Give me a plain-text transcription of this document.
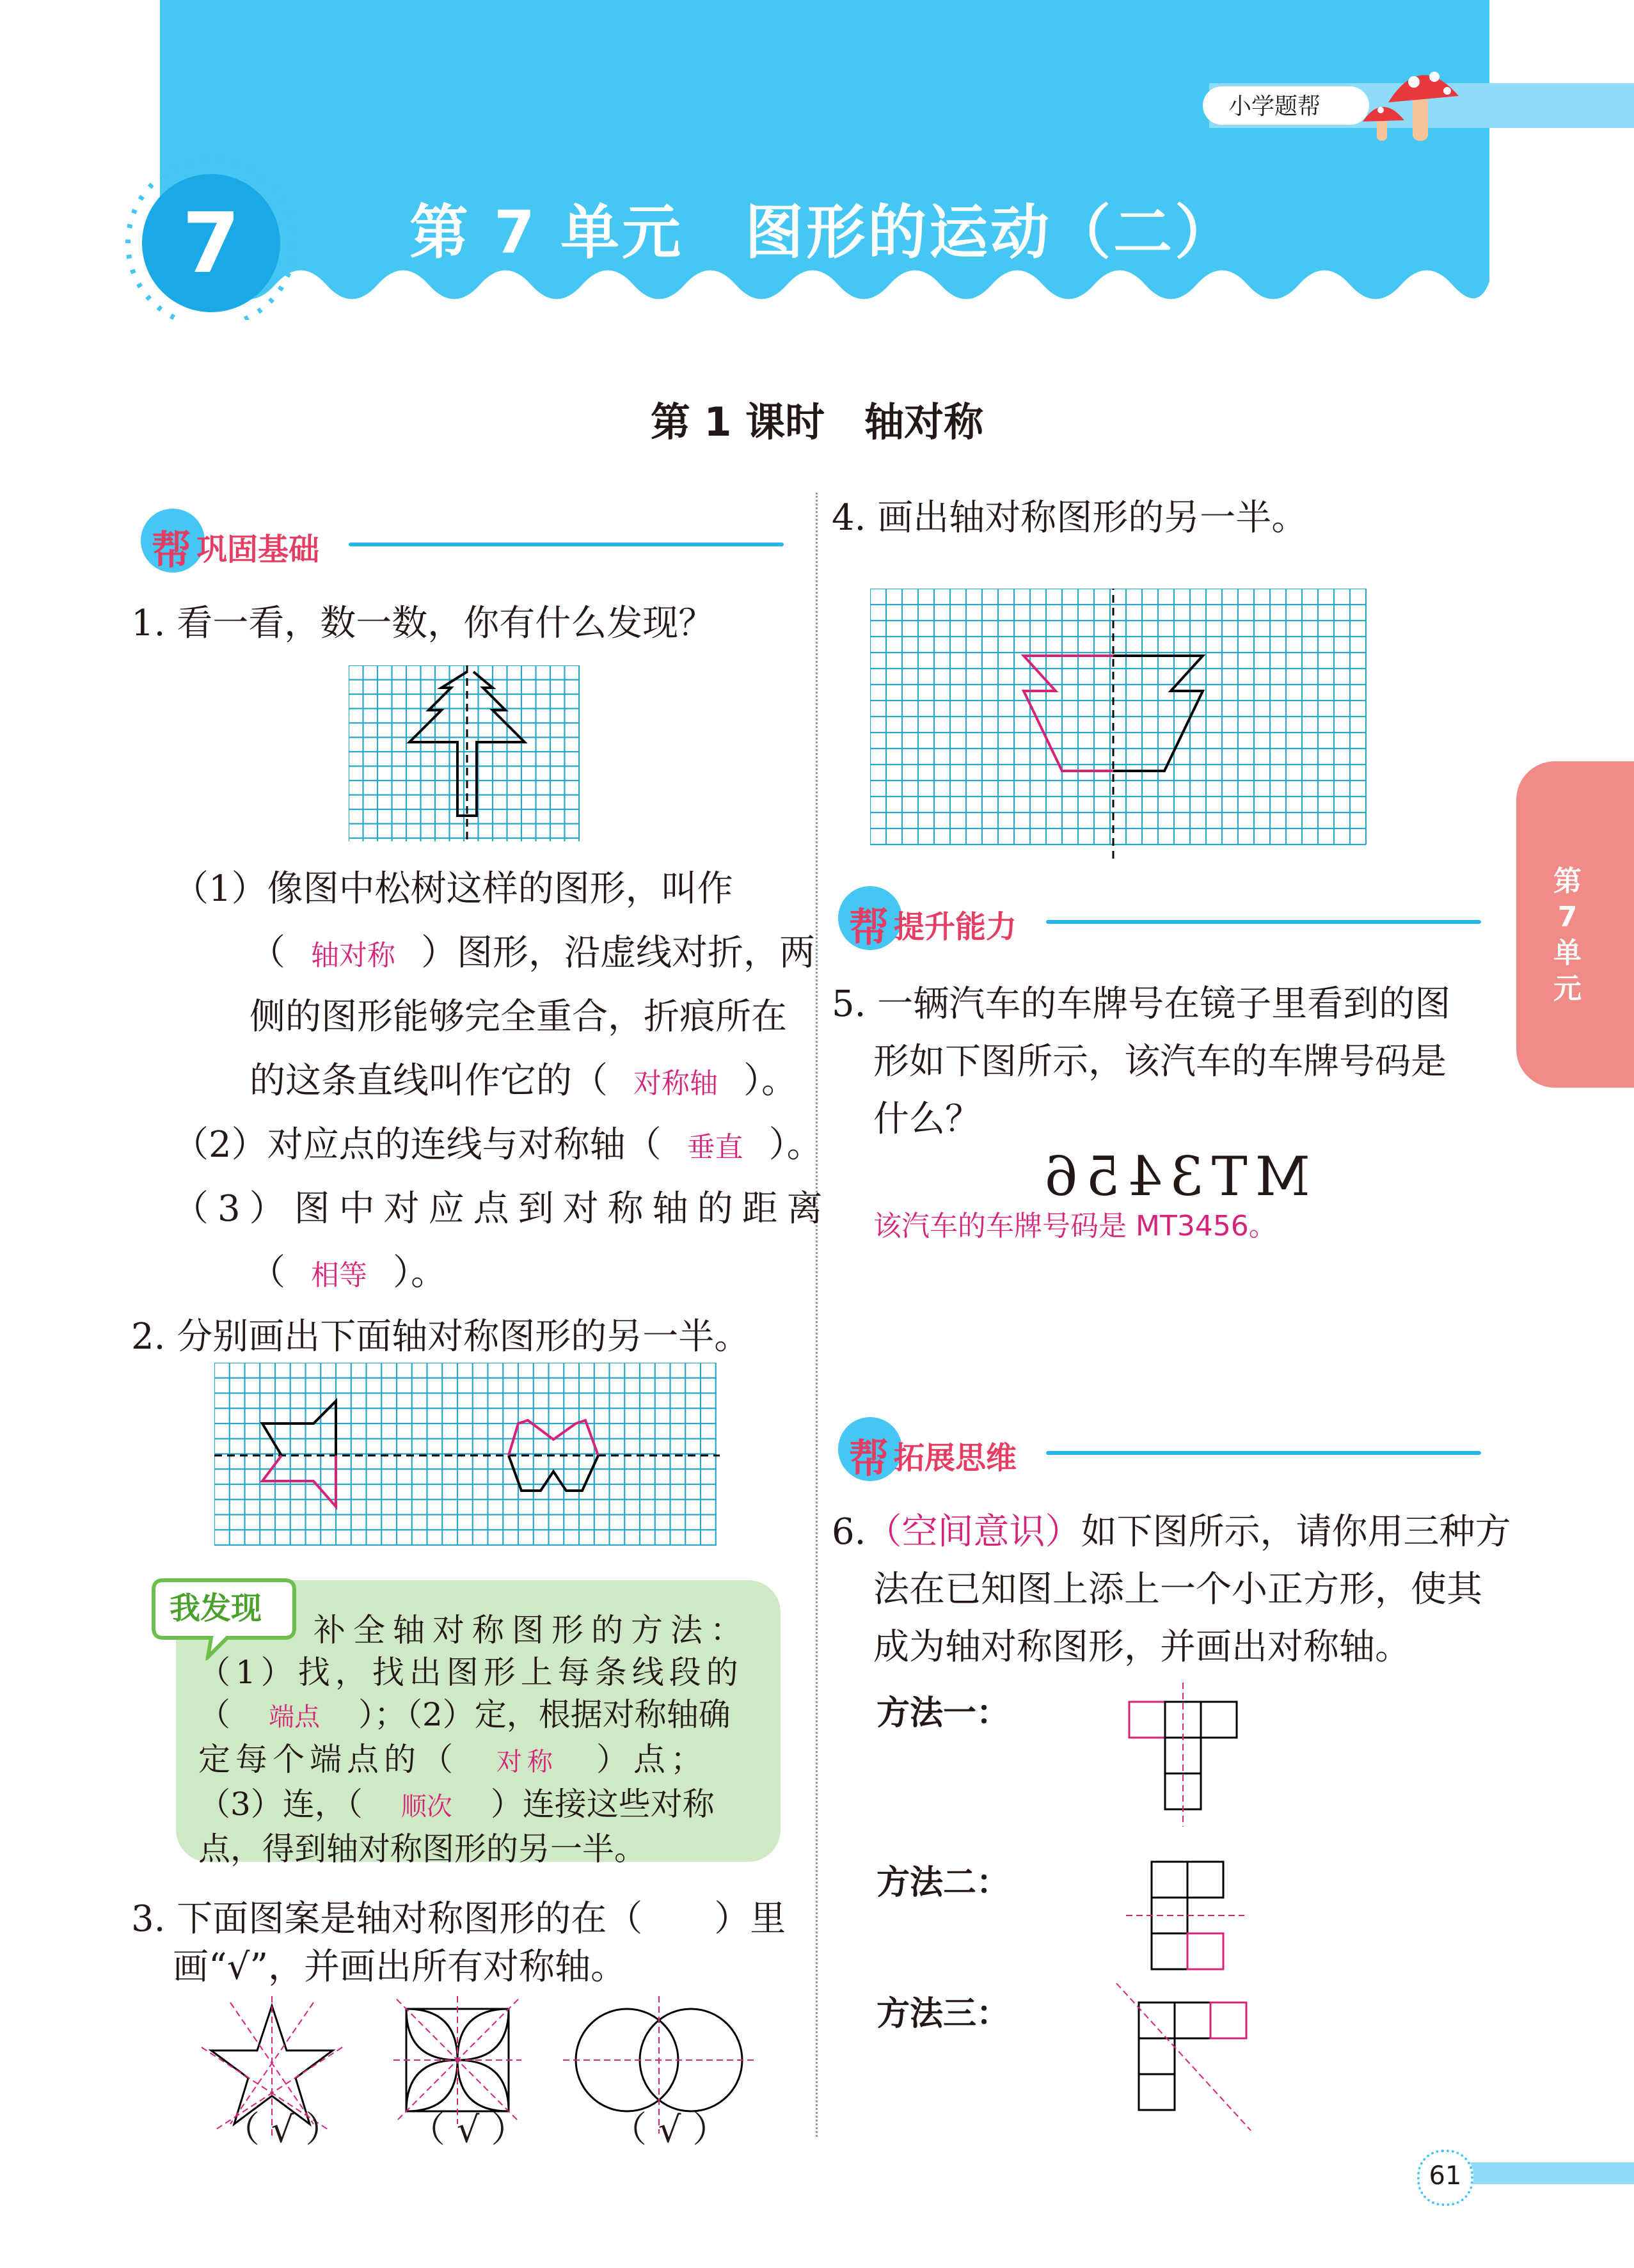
小学题帮
7	第 7 单元　图形的运动（二）
第 1 课时　轴对称
第7单元
帮 巩固基础
1. 看一看，数一数，你有什么发现？
（1）像图中松树这样的图形，叫作
（ 轴对称 ）图形，沿虚线对折，两
侧的图形能够完全重合，折痕所在
的这条直线叫作它的（ 对称轴 ）。
（2）对应点的连线与对称轴（ 垂直 ）。
（3）图中对应点到对称轴的距离
（ 相等 ）。
2. 分别画出下面轴对称图形的另一半。
我发现
补全轴对称图形的方法：
（1）找，找出图形上每条线段的
（ 端点 ）；（2）定，根据对称轴确
定每个端点的（ 对称 ）点；
（3）连，（ 顺次 ）连接这些对称
点，得到轴对称图形的另一半。
3. 下面图案是轴对称图形的在（　　）里
画“√”，并画出所有对称轴。
（ √ ） （ √ ） （ √ ）
4. 画出轴对称图形的另一半。
帮 提升能力
5. 一辆汽车的车牌号在镜子里看到的图
形如下图所示，该汽车的车牌号码是
什么？
MT3456
该汽车的车牌号码是 MT3456。
帮 拓展思维
6.（空间意识）如下图所示，请你用三种方
法在已知图上添上一个小正方形，使其
成为轴对称图形，并画出对称轴。
方法一：
方法二：
方法三：
61
